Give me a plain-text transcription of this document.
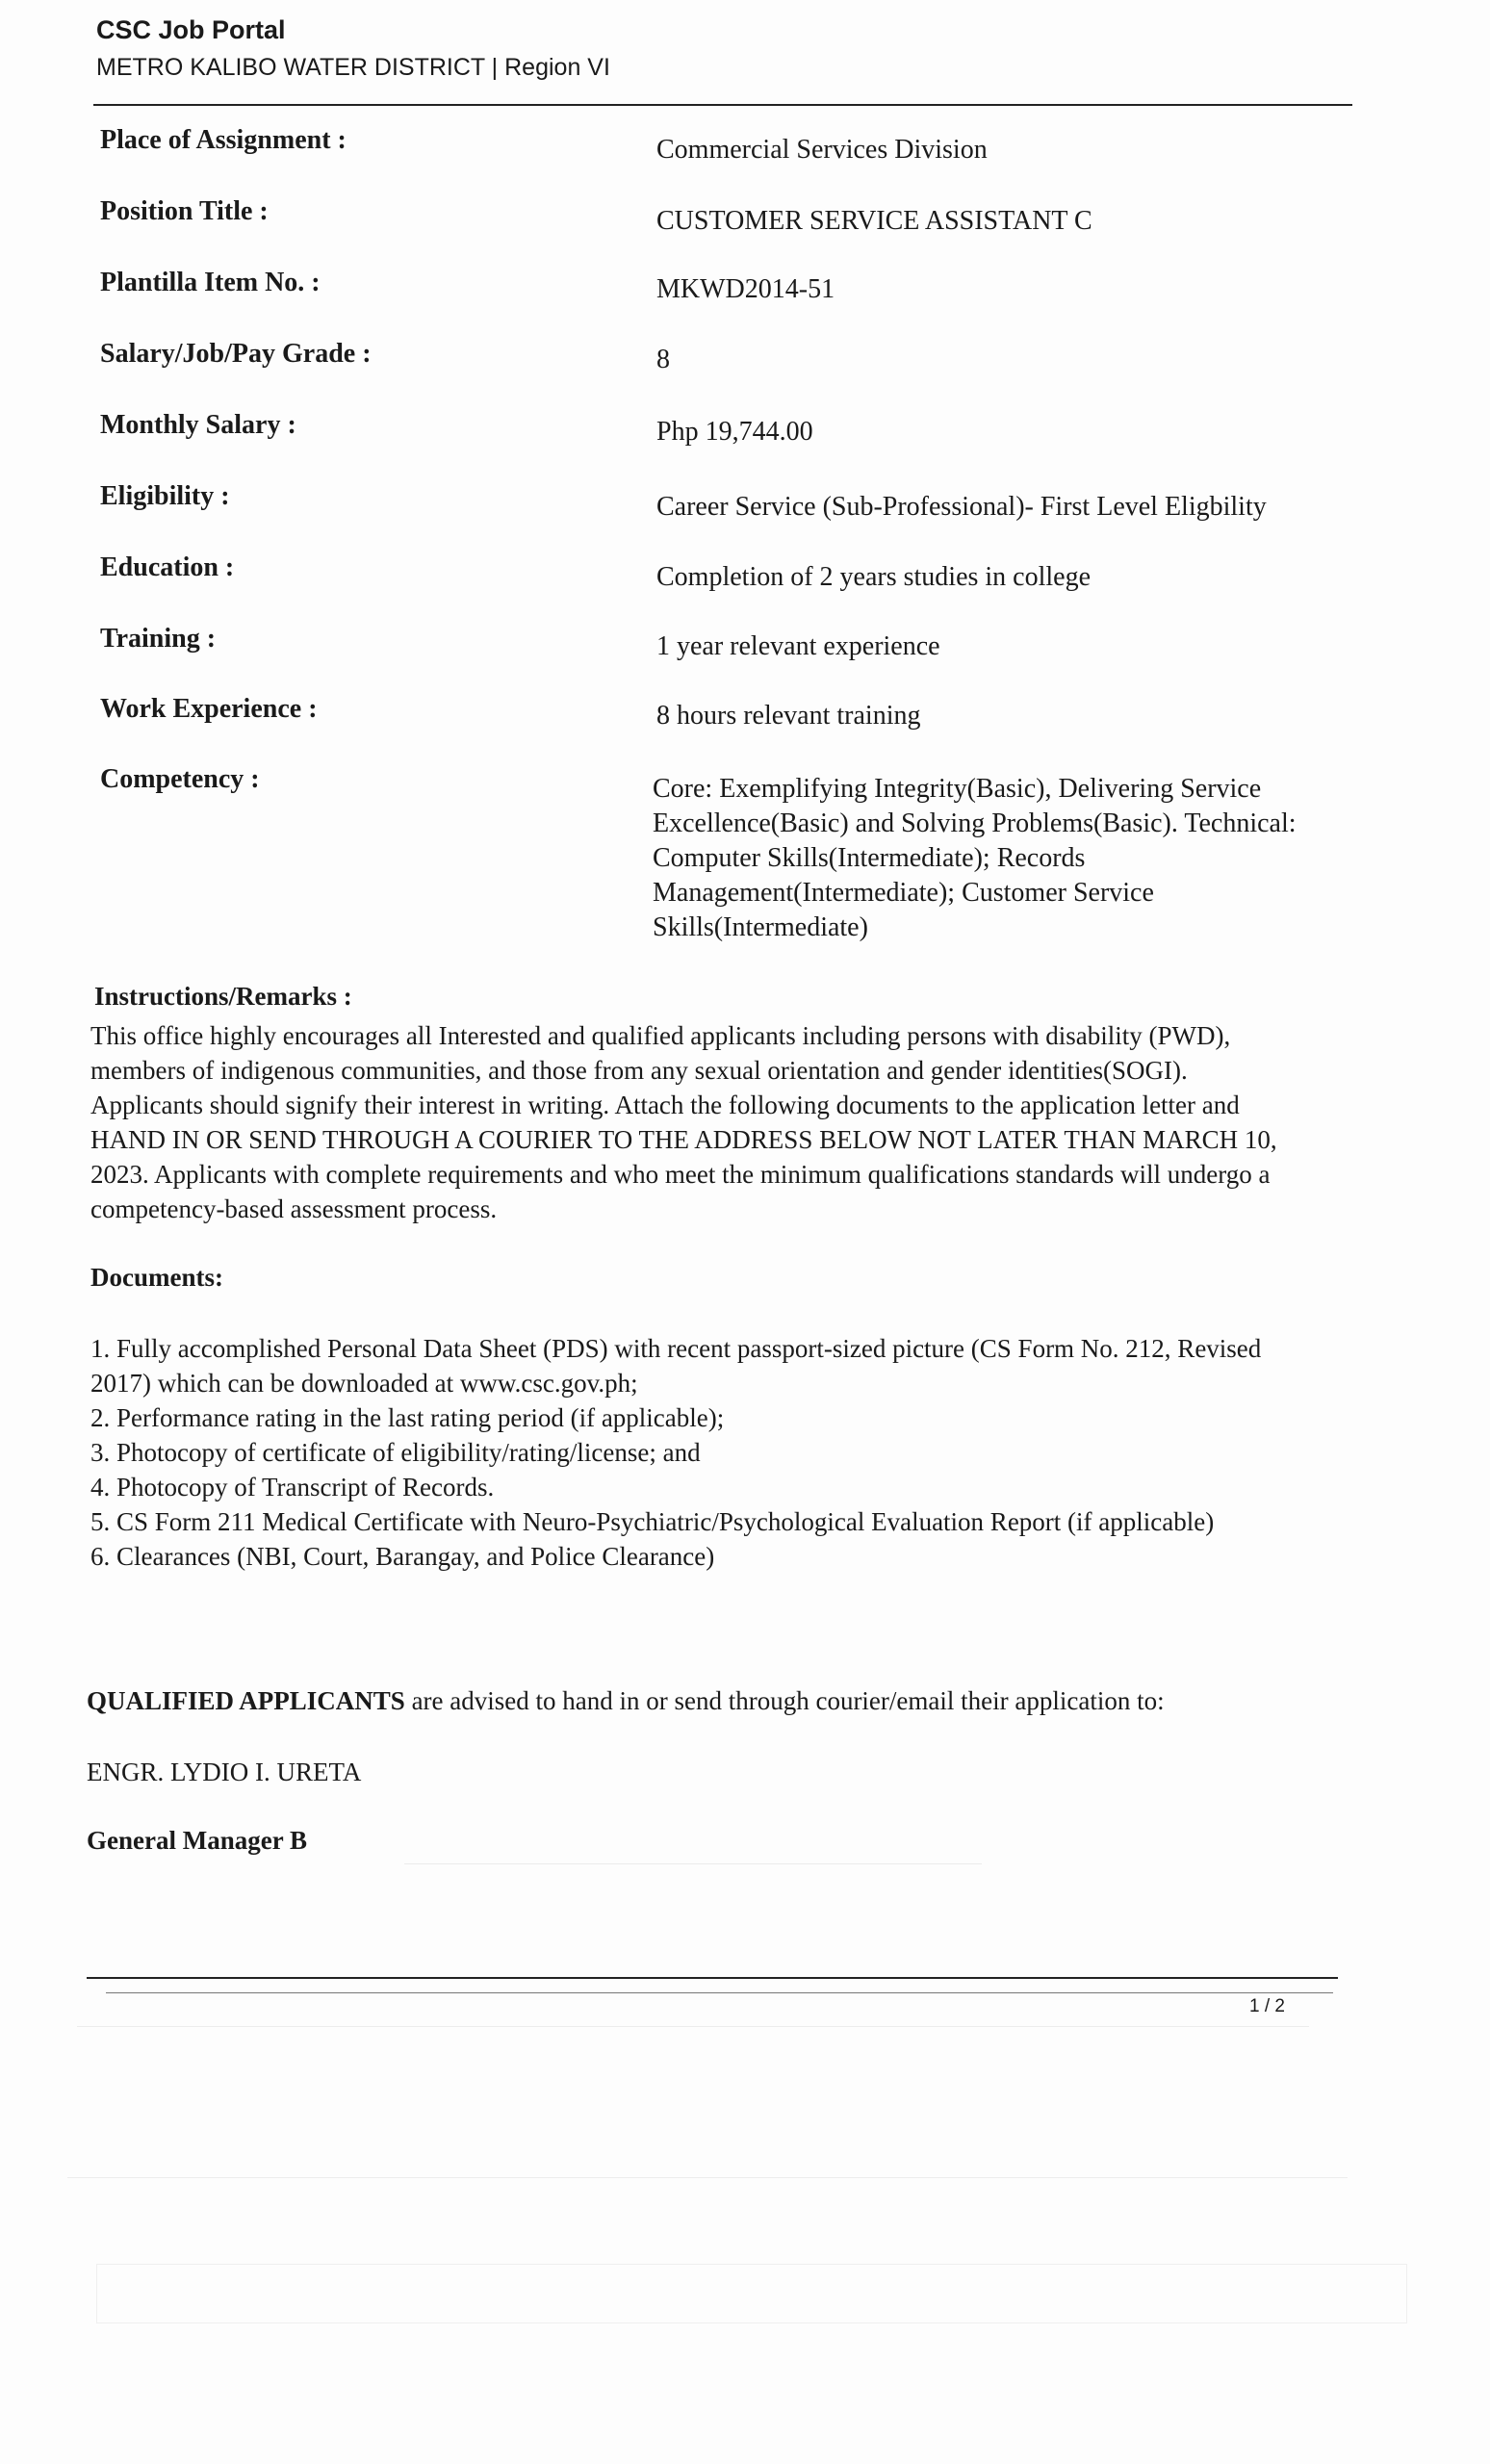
CSC Job Portal
METRO KALIBO WATER DISTRICT | Region VI
Place of Assignment :	Commercial Services Division
Position Title :	CUSTOMER SERVICE ASSISTANT C
Plantilla Item No. :	MKWD2014-51
Salary/Job/Pay Grade :	8
Monthly Salary :	Php 19,744.00
Eligibility :	Career Service (Sub-Professional)- First Level Eligbility
Education :	Completion of 2 years studies in college
Training :	1 year relevant experience
Work Experience :	8 hours relevant training
Competency :	Core: Exemplifying Integrity(Basic), Delivering Service Excellence(Basic) and Solving Problems(Basic). Technical: Computer Skills(Intermediate); Records Management(Intermediate); Customer Service Skills(Intermediate)
Instructions/Remarks :
This office highly encourages all Interested and qualified applicants including persons with disability (PWD), members of indigenous communities, and those from any sexual orientation and gender identities(SOGI). Applicants should signify their interest in writing. Attach the following documents to the application letter and HAND IN OR SEND THROUGH A COURIER TO THE ADDRESS BELOW NOT LATER THAN MARCH 10, 2023. Applicants with complete requirements and who meet the minimum qualifications standards will undergo a competency-based assessment process.
Documents:
1. Fully accomplished Personal Data Sheet (PDS) with recent passport-sized picture (CS Form No. 212, Revised 2017) which can be downloaded at www.csc.gov.ph;
2. Performance rating in the last rating period (if applicable);
3. Photocopy of certificate of eligibility/rating/license; and
4. Photocopy of Transcript of Records.
5. CS Form 211 Medical Certificate with Neuro-Psychiatric/Psychological Evaluation Report (if applicable)
6. Clearances (NBI, Court, Barangay, and Police Clearance)
QUALIFIED APPLICANTS are advised to hand in or send through courier/email their application to:
ENGR. LYDIO I. URETA
General Manager B
1 / 2
